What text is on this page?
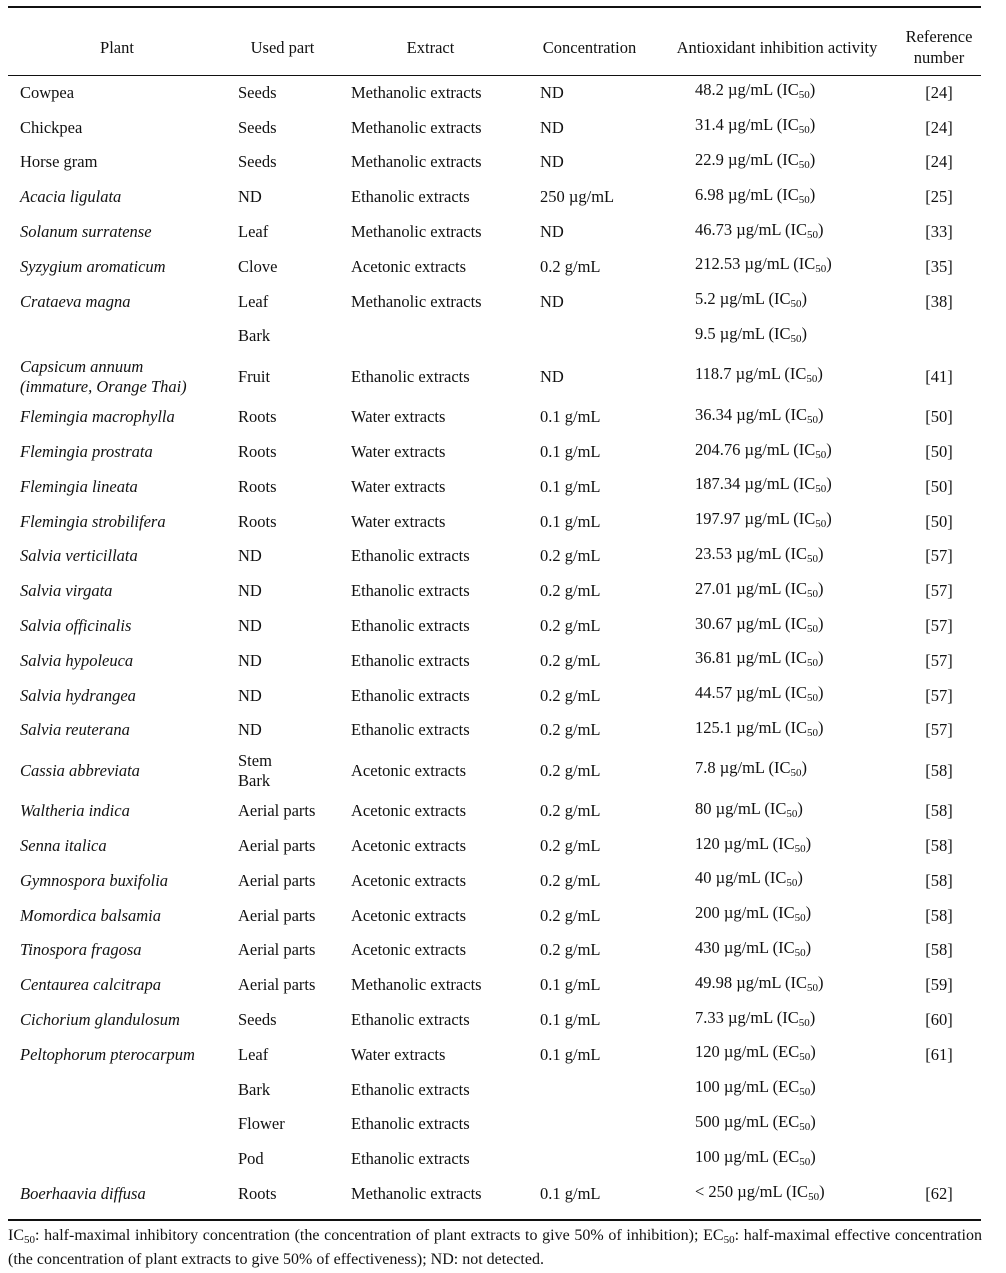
Plant	Used part	Extract	Concentration	Antioxidant inhibition activity	Reference
number
Cowpea	Seeds	Methanolic extracts	ND	48.2 µg/mL $(IC_{50})$	[24]
Chickpea	Seeds	Methanolic extracts	ND	31.4 µg/mL $(IC_{50})$	[24]
Horse gram	Seeds	Methanolic extracts	ND	22.9 µg/mL $(IC_{50})$	[24]
Acacia ligulata	ND	Ethanolic extracts	250 µg/mL	6.98 µg/mL $(IC_{50})$	[25]
Solanum surratense	Leaf	Methanolic extracts	ND	46.73 µg/mL $(IC_{50})$	[33]
Syzygium aromaticum	Clove	Acetonic extracts	0.2 g/mL	212.53 µg/mL $(IC_{50})$	[35]
Crataeva magna	Leaf	Methanolic extracts	ND	5.2 µg/mL $(IC_{50})$	[38]
	Bark			9.5 µg/mL $(IC_{50})$	
Capsicum annuum
(immature, Orange Thai)	Fruit	Ethanolic extracts	ND	118.7 µg/mL $(IC_{50})$	[41]
Flemingia macrophylla	Roots	Water extracts	0.1 g/mL	36.34 µg/mL $(IC_{50})$	[50]
Flemingia prostrata	Roots	Water extracts	0.1 g/mL	204.76 µg/mL $(IC_{50})$	[50]
Flemingia lineata	Roots	Water extracts	0.1 g/mL	187.34 µg/mL $(IC_{50})$	[50]
Flemingia strobilifera	Roots	Water extracts	0.1 g/mL	197.97 µg/mL $(IC_{50})$	[50]
Salvia verticillata	ND	Ethanolic extracts	0.2 g/mL	23.53 µg/mL $(IC_{50})$	[57]
Salvia virgata	ND	Ethanolic extracts	0.2 g/mL	27.01 µg/mL $(IC_{50})$	[57]
Salvia officinalis	ND	Ethanolic extracts	0.2 g/mL	30.67 µg/mL $(IC_{50})$	[57]
Salvia hypoleuca	ND	Ethanolic extracts	0.2 g/mL	36.81 µg/mL $(IC_{50})$	[57]
Salvia hydrangea	ND	Ethanolic extracts	0.2 g/mL	44.57 µg/mL $(IC_{50})$	[57]
Salvia reuterana	ND	Ethanolic extracts	0.2 g/mL	125.1 µg/mL $(IC_{50})$	[57]
Cassia abbreviata	Stem
Bark	Acetonic extracts	0.2 g/mL	7.8 µg/mL $(IC_{50})$	[58]
Waltheria indica	Aerial parts	Acetonic extracts	0.2 g/mL	80 µg/mL $(IC_{50})$	[58]
Senna italica	Aerial parts	Acetonic extracts	0.2 g/mL	120 µg/mL $(IC_{50})$	[58]
Gymnospora buxifolia	Aerial parts	Acetonic extracts	0.2 g/mL	40 µg/mL $(IC_{50})$	[58]
Momordica balsamia	Aerial parts	Acetonic extracts	0.2 g/mL	200 µg/mL $(IC_{50})$	[58]
Tinospora fragosa	Aerial parts	Acetonic extracts	0.2 g/mL	430 µg/mL $(IC_{50})$	[58]
Centaurea calcitrapa	Aerial parts	Methanolic extracts	0.1 g/mL	49.98 µg/mL $(IC_{50})$	[59]
Cichorium glandulosum	Seeds	Ethanolic extracts	0.1 g/mL	7.33 µg/mL $(IC_{50})$	[60]
Peltophorum pterocarpum	Leaf	Water extracts	0.1 g/mL	120 µg/mL $(EC_{50})$	[61]
	Bark	Ethanolic extracts		100 µg/mL $(EC_{50})$	
	Flower	Ethanolic extracts		500 µg/mL $(EC_{50})$	
	Pod	Ethanolic extracts		100 µg/mL $(EC_{50})$	
Boerhaavia diffusa	Roots	Methanolic extracts	0.1 g/mL	< 250 µg/mL $(IC_{50})$	[62]
$IC_{50}$: half-maximal inhibitory concentration (the concentration of plant extracts to give 50% of inhibition); $EC_{50}$: half-maximal effective concentration (the concentration of plant extracts to give 50% of effectiveness); ND: not detected.
